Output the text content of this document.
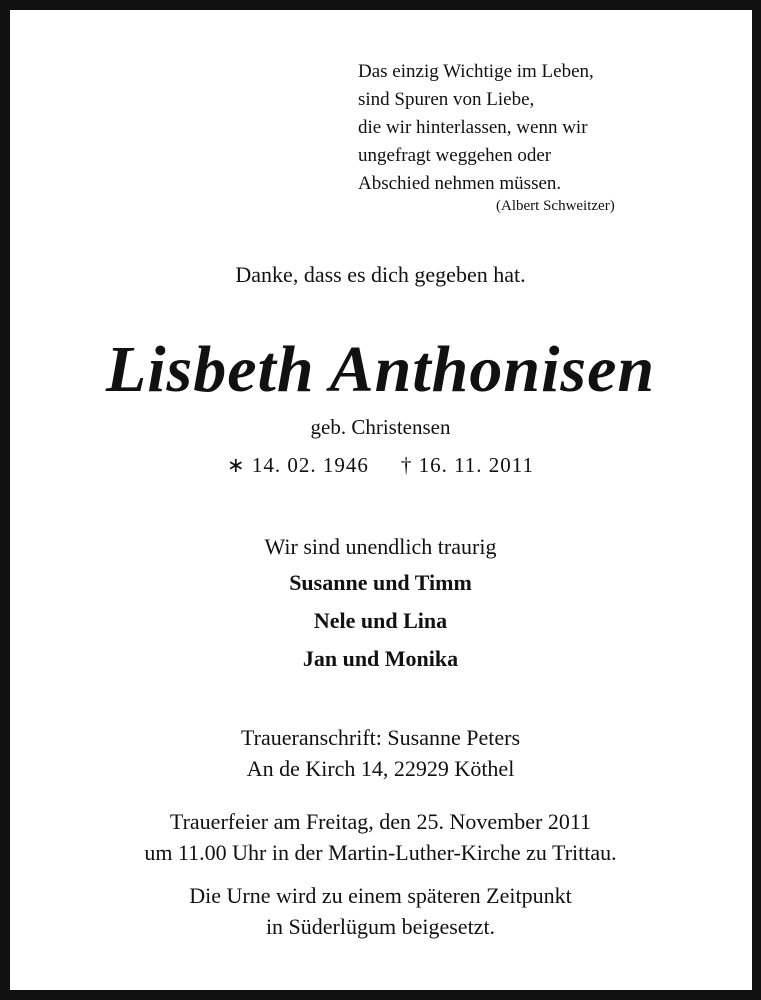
Das einzig Wichtige im Leben,
sind Spuren von Liebe,
die wir hinterlassen, wenn wir
ungefragt weggehen oder
Abschied nehmen müssen.
(Albert Schweitzer)
Danke, dass es dich gegeben hat.
Lisbeth Anthonisen
geb. Christensen
∗ 14. 02. 1946 † 16. 11. 2011
Wir sind unendlich traurig
Susanne und Timm
Nele und Lina
Jan und Monika
Traueranschrift: Susanne Peters
An de Kirch 14, 22929 Köthel
Trauerfeier am Freitag, den 25. November 2011
um 11.00 Uhr in der Martin-Luther-Kirche zu Trittau.
Die Urne wird zu einem späteren Zeitpunkt
in Süderlügum beigesetzt.
